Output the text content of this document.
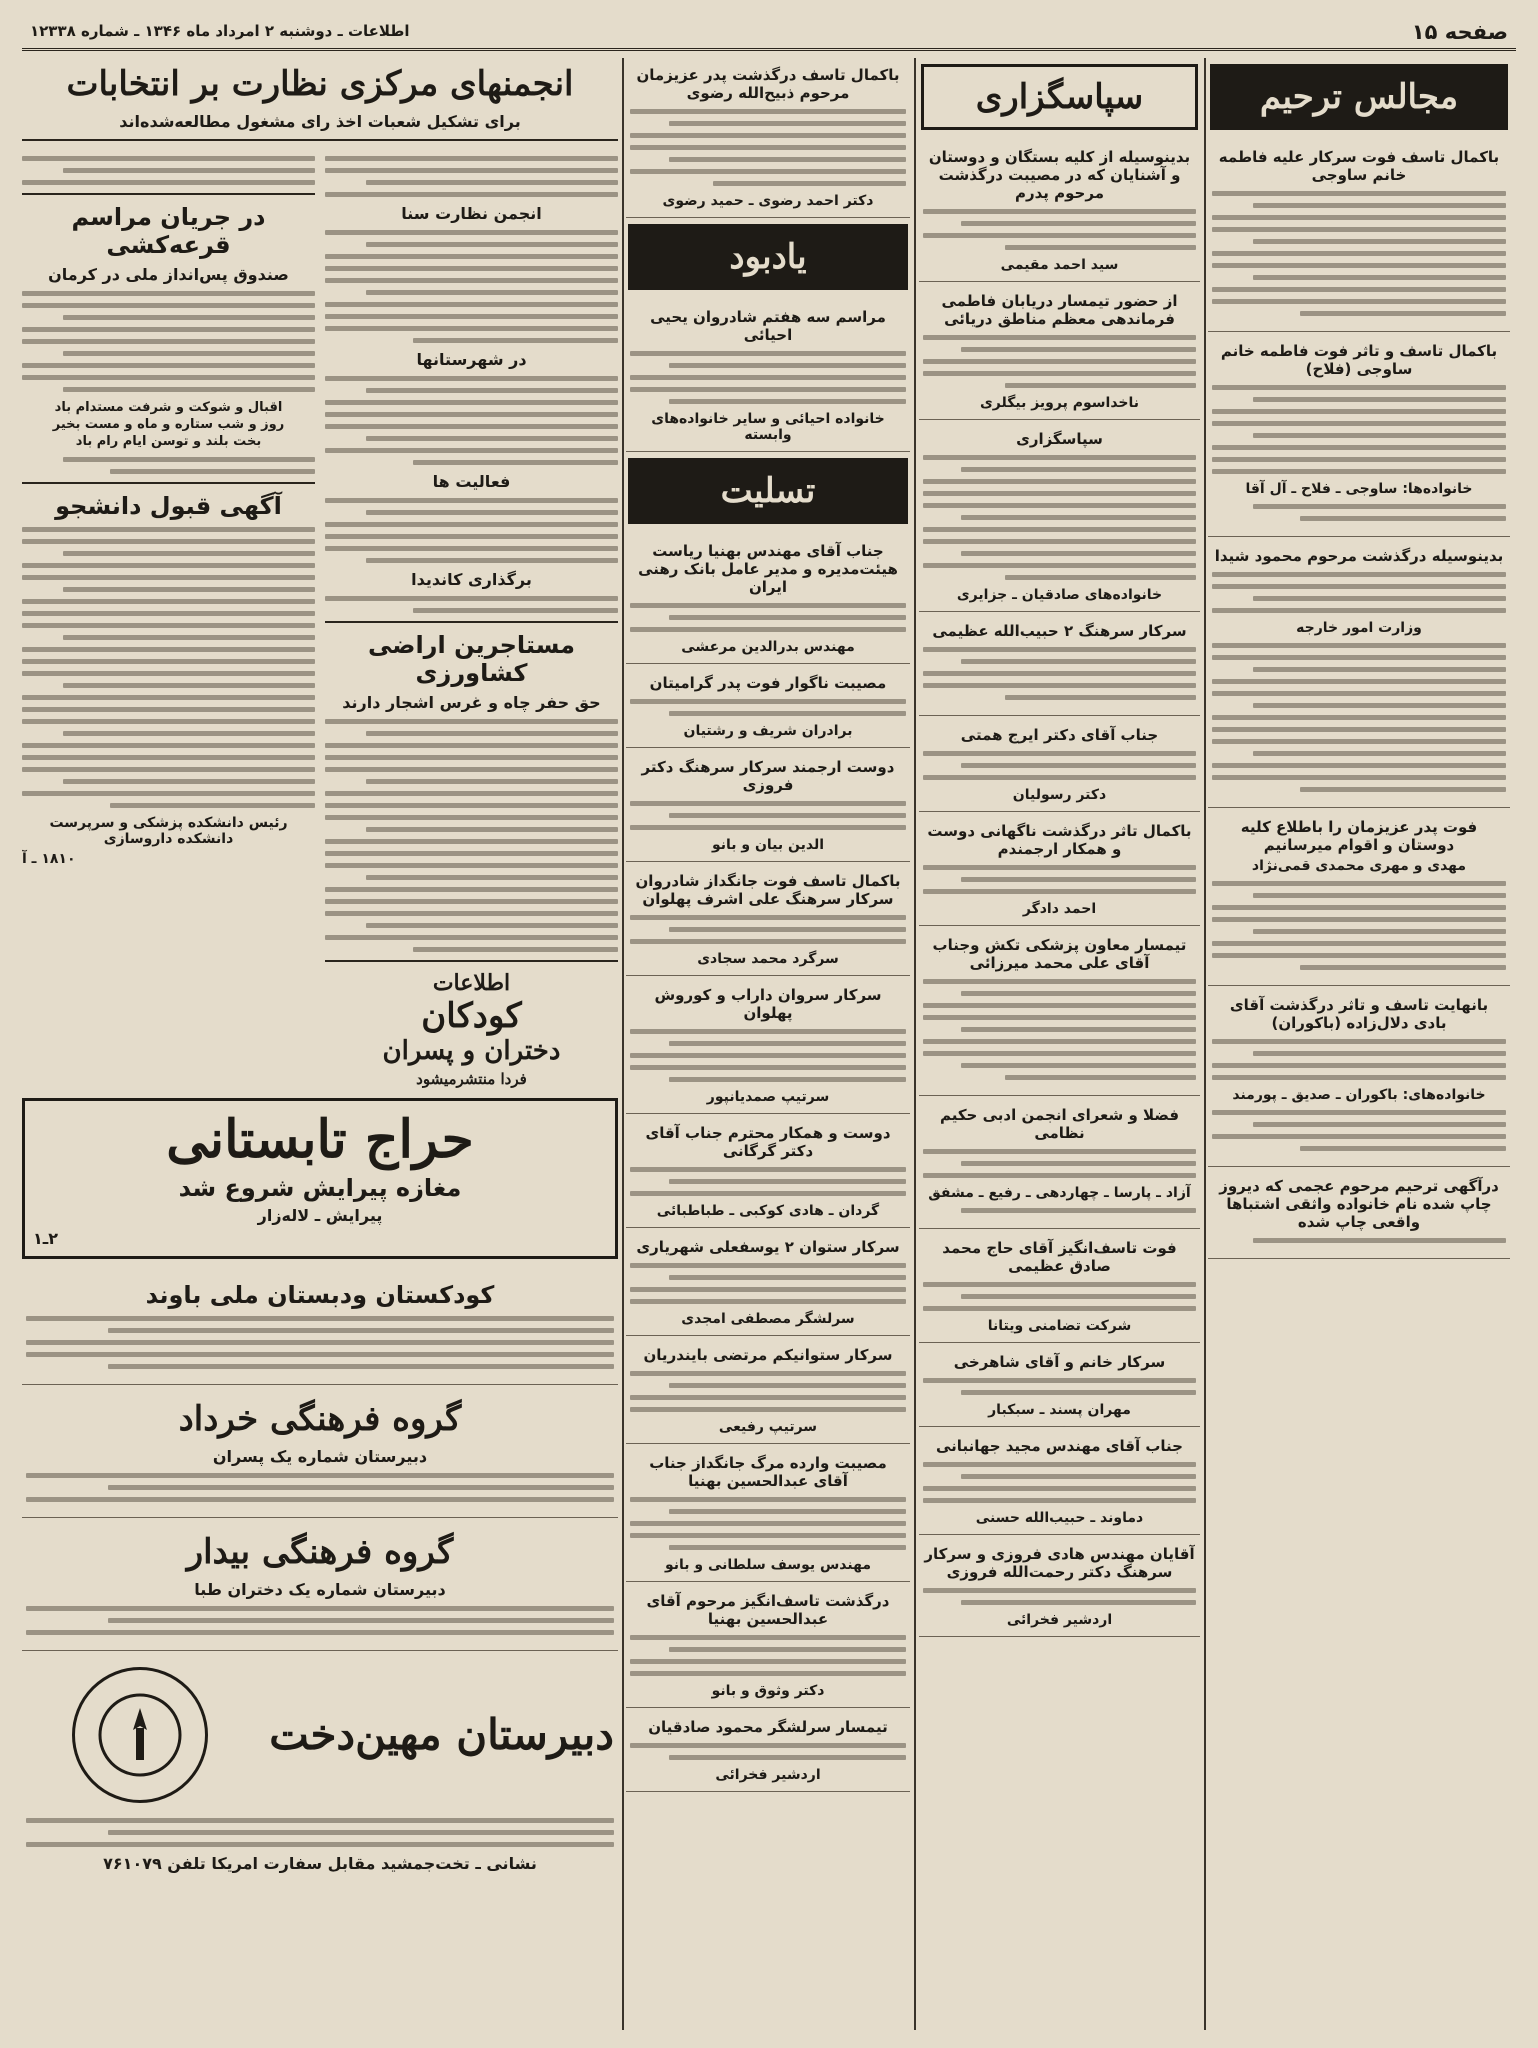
صفحه ۱۵
اطلاعات ـ دوشنبه ۲ امرداد ماه ۱۳۴۶ ـ شماره ۱۲۳۳۸
مجالس ترحیم
باکمال تاسف فوت سرکار علیه فاطمه خانم ساوجی
باکمال تاسف و تاثر فوت فاطمه خانم ساوجی (فلاح)
خانواده‌ها: ساوجی ـ فلاح ـ آل آقا
بدینوسیله درگذشت مرحوم محمود شیدا
وزارت امور خارجه
فوت پدر عزیزمان را باطلاع کلیه دوستان و اقوام میرسانیم
مهدی و مهری محمدی قمی‌نژاد
بانهایت تاسف و تاثر درگذشت آقای بادی دلال‌زاده (باکوران)
خانواده‌های: باکوران ـ صدیق ـ پورمند
درآگهی ترحیم مرحوم عجمی که دیروز چاپ شده نام خانواده واثقی اشتباها واقعی چاپ شده
سپاسگزاری
بدینوسیله از کلیه بستگان و دوستان و آشنایان که در مصیبت درگذشت مرحوم پدرم
سید احمد مقیمی
از حضور تیمسار دریابان فاطمی فرماندهی معظم مناطق دریائی
ناخداسوم پرویز بیگلری
سپاسگزاری
خانواده‌های صادقیان ـ جزایری
سرکار سرهنگ ۲ حبیب‌الله عظیمی
جناب آقای دکتر ایرج همتی
دکتر رسولیان
باکمال تاثر درگذشت ناگهانی دوست و همکار ارجمندم
احمد دادگر
تیمسار معاون پزشکی تکش وجناب آقای علی محمد میرزائی
فضلا و شعرای انجمن ادبی حکیم نظامی
آزاد ـ پارسا ـ چهاردهی ـ رفیع ـ مشفق
فوت تاسف‌انگیز آقای حاج محمد صادق عظیمی
شرکت تضامنی ویتانا
سرکار خانم و آقای شاهرخی
مهران پسند ـ سبکبار
جناب آقای مهندس مجید جهانبانی
دماوند ـ حبیب‌الله حسنی
آقایان مهندس هادی فروزی و سرکار سرهنگ دکتر رحمت‌الله فروزی
اردشیر فخرائی
باکمال تاسف درگذشت پدر عزیزمان مرحوم ذبیح‌الله رضوی
دکتر احمد رضوی ـ حمید رضوی
یادبود
مراسم سه هفتم شادروان یحیی احیائی
خانواده احیائی و سایر خانواده‌های وابسته
تسلیت
جناب آقای مهندس بهنیا ریاست هیئت‌مدیره و مدیر عامل بانک رهنی ایران
مهندس بدرالدین مرعشی
مصیبت ناگوار فوت پدر گرامیتان
برادران شریف و رشتیان
دوست ارجمند سرکار سرهنگ دکتر فروزی
الدین بیان و بانو
باکمال تاسف فوت جانگداز شادروان سرکار سرهنگ علی اشرف پهلوان
سرگرد محمد سجادی
سرکار سروان داراب و کوروش پهلوان
سرتیپ صمدیانپور
دوست و همکار محترم جناب آقای دکتر گرگانی
گردان ـ هادی کوکبی ـ طباطبائی
سرکار ستوان ۲ یوسفعلی شهریاری
سرلشگر مصطفی امجدی
سرکار ستوانیکم مرتضی بایندریان
سرتیپ رفیعی
مصیبت وارده مرگ جانگداز جناب آقای عبدالحسین بهنیا
مهندس یوسف سلطانی و بانو
درگذشت تاسف‌انگیز مرحوم آقای عبدالحسین بهنیا
دکتر وثوق و بانو
تیمسار سرلشگر محمود صادقیان
اردشیر فخرائی
انجمنهای مرکزی نظارت بر انتخابات
برای تشکیل شعبات اخذ رای مشغول مطالعه‌شده‌اند
انجمن نظارت سنا
در شهرستانها
فعالیت ها
برگذاری کاندیدا
مستاجرین اراضی کشاورزی
حق حفر چاه و غرس اشجار دارند
اطلاعات
کودکان
دختران و پسران
فردا منتشرمیشود
در جریان مراسم قرعه‌کشی
صندوق پس‌انداز ملی در کرمان
اقبال و شوکت و شرفت مستدام باد
روز و شب ستاره و ماه و مست بخیر
بخت بلند و توسن ایام رام باد
آگهی قبول دانشجو
رئیس دانشکده پزشکی و سرپرست دانشکده داروسازی
۱۸۱۰ ـ آ
حراج تابستانی
مغازه پیرایش شروع شد
پیرایش ـ لاله‌زار
۲ـ۱
کودکستان ودبستان ملی باوند
گروه فرهنگی خرداد
دبیرستان شماره یک پسران
گروه فرهنگی بیدار
دبیرستان شماره یک دختران طبا
دبیرستان مهین‌دخت
نشانی ـ تخت‌جمشید مقابل سفارت امریکا تلفن ۷۶۱۰۷۹
